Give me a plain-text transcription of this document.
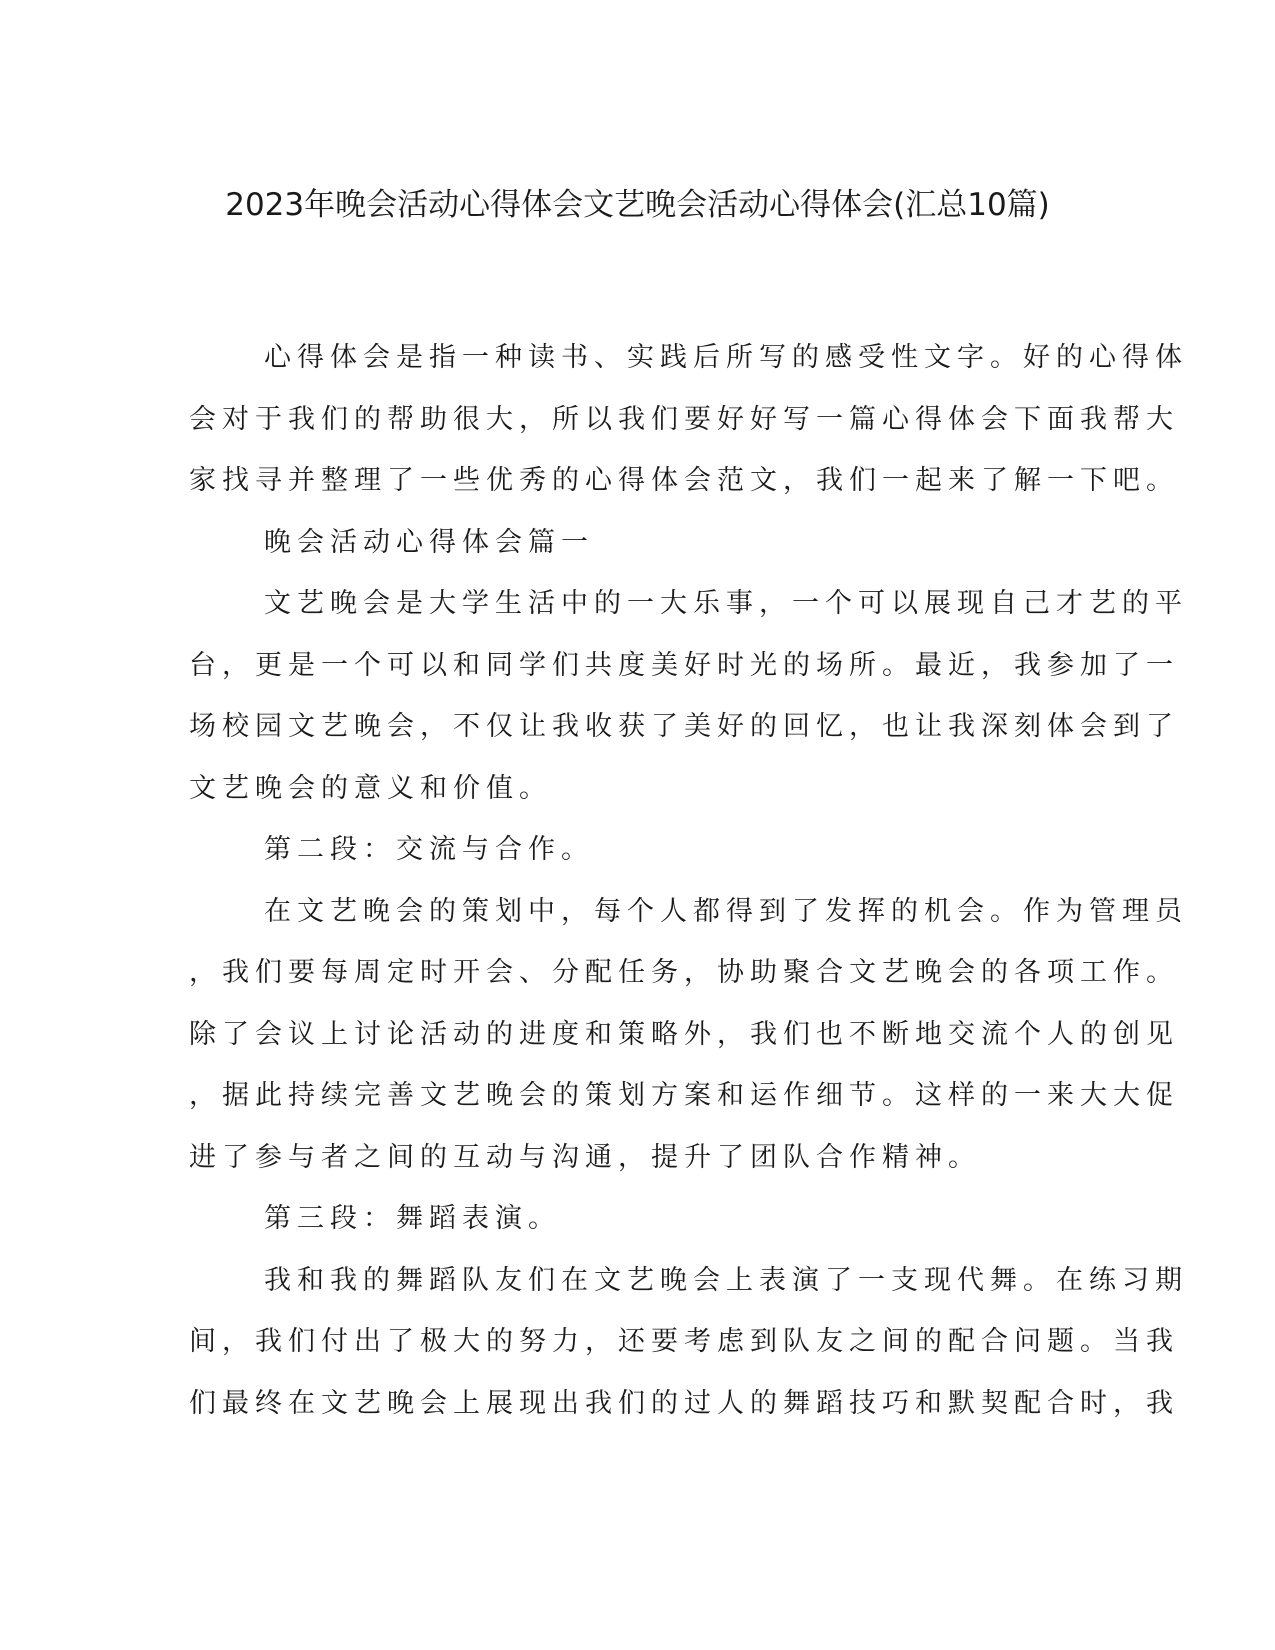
2023年晚会活动心得体会文艺晚会活动心得体会(汇总10篇)
心得体会是指一种读书、实践后所写的感受性文字。好的心得体
会对于我们的帮助很大，所以我们要好好写一篇心得体会下面我帮大
家找寻并整理了一些优秀的心得体会范文，我们一起来了解一下吧。
晚会活动心得体会篇一
文艺晚会是大学生活中的一大乐事，一个可以展现自己才艺的平
台，更是一个可以和同学们共度美好时光的场所。最近，我参加了一
场校园文艺晚会，不仅让我收获了美好的回忆，也让我深刻体会到了
文艺晚会的意义和价值。
第二段：交流与合作。
在文艺晚会的策划中，每个人都得到了发挥的机会。作为管理员
，我们要每周定时开会、分配任务，协助聚合文艺晚会的各项工作。
除了会议上讨论活动的进度和策略外，我们也不断地交流个人的创见
，据此持续完善文艺晚会的策划方案和运作细节。这样的一来大大促
进了参与者之间的互动与沟通，提升了团队合作精神。
第三段：舞蹈表演。
我和我的舞蹈队友们在文艺晚会上表演了一支现代舞。在练习期
间，我们付出了极大的努力，还要考虑到队友之间的配合问题。当我
们最终在文艺晚会上展现出我们的过人的舞蹈技巧和默契配合时，我
